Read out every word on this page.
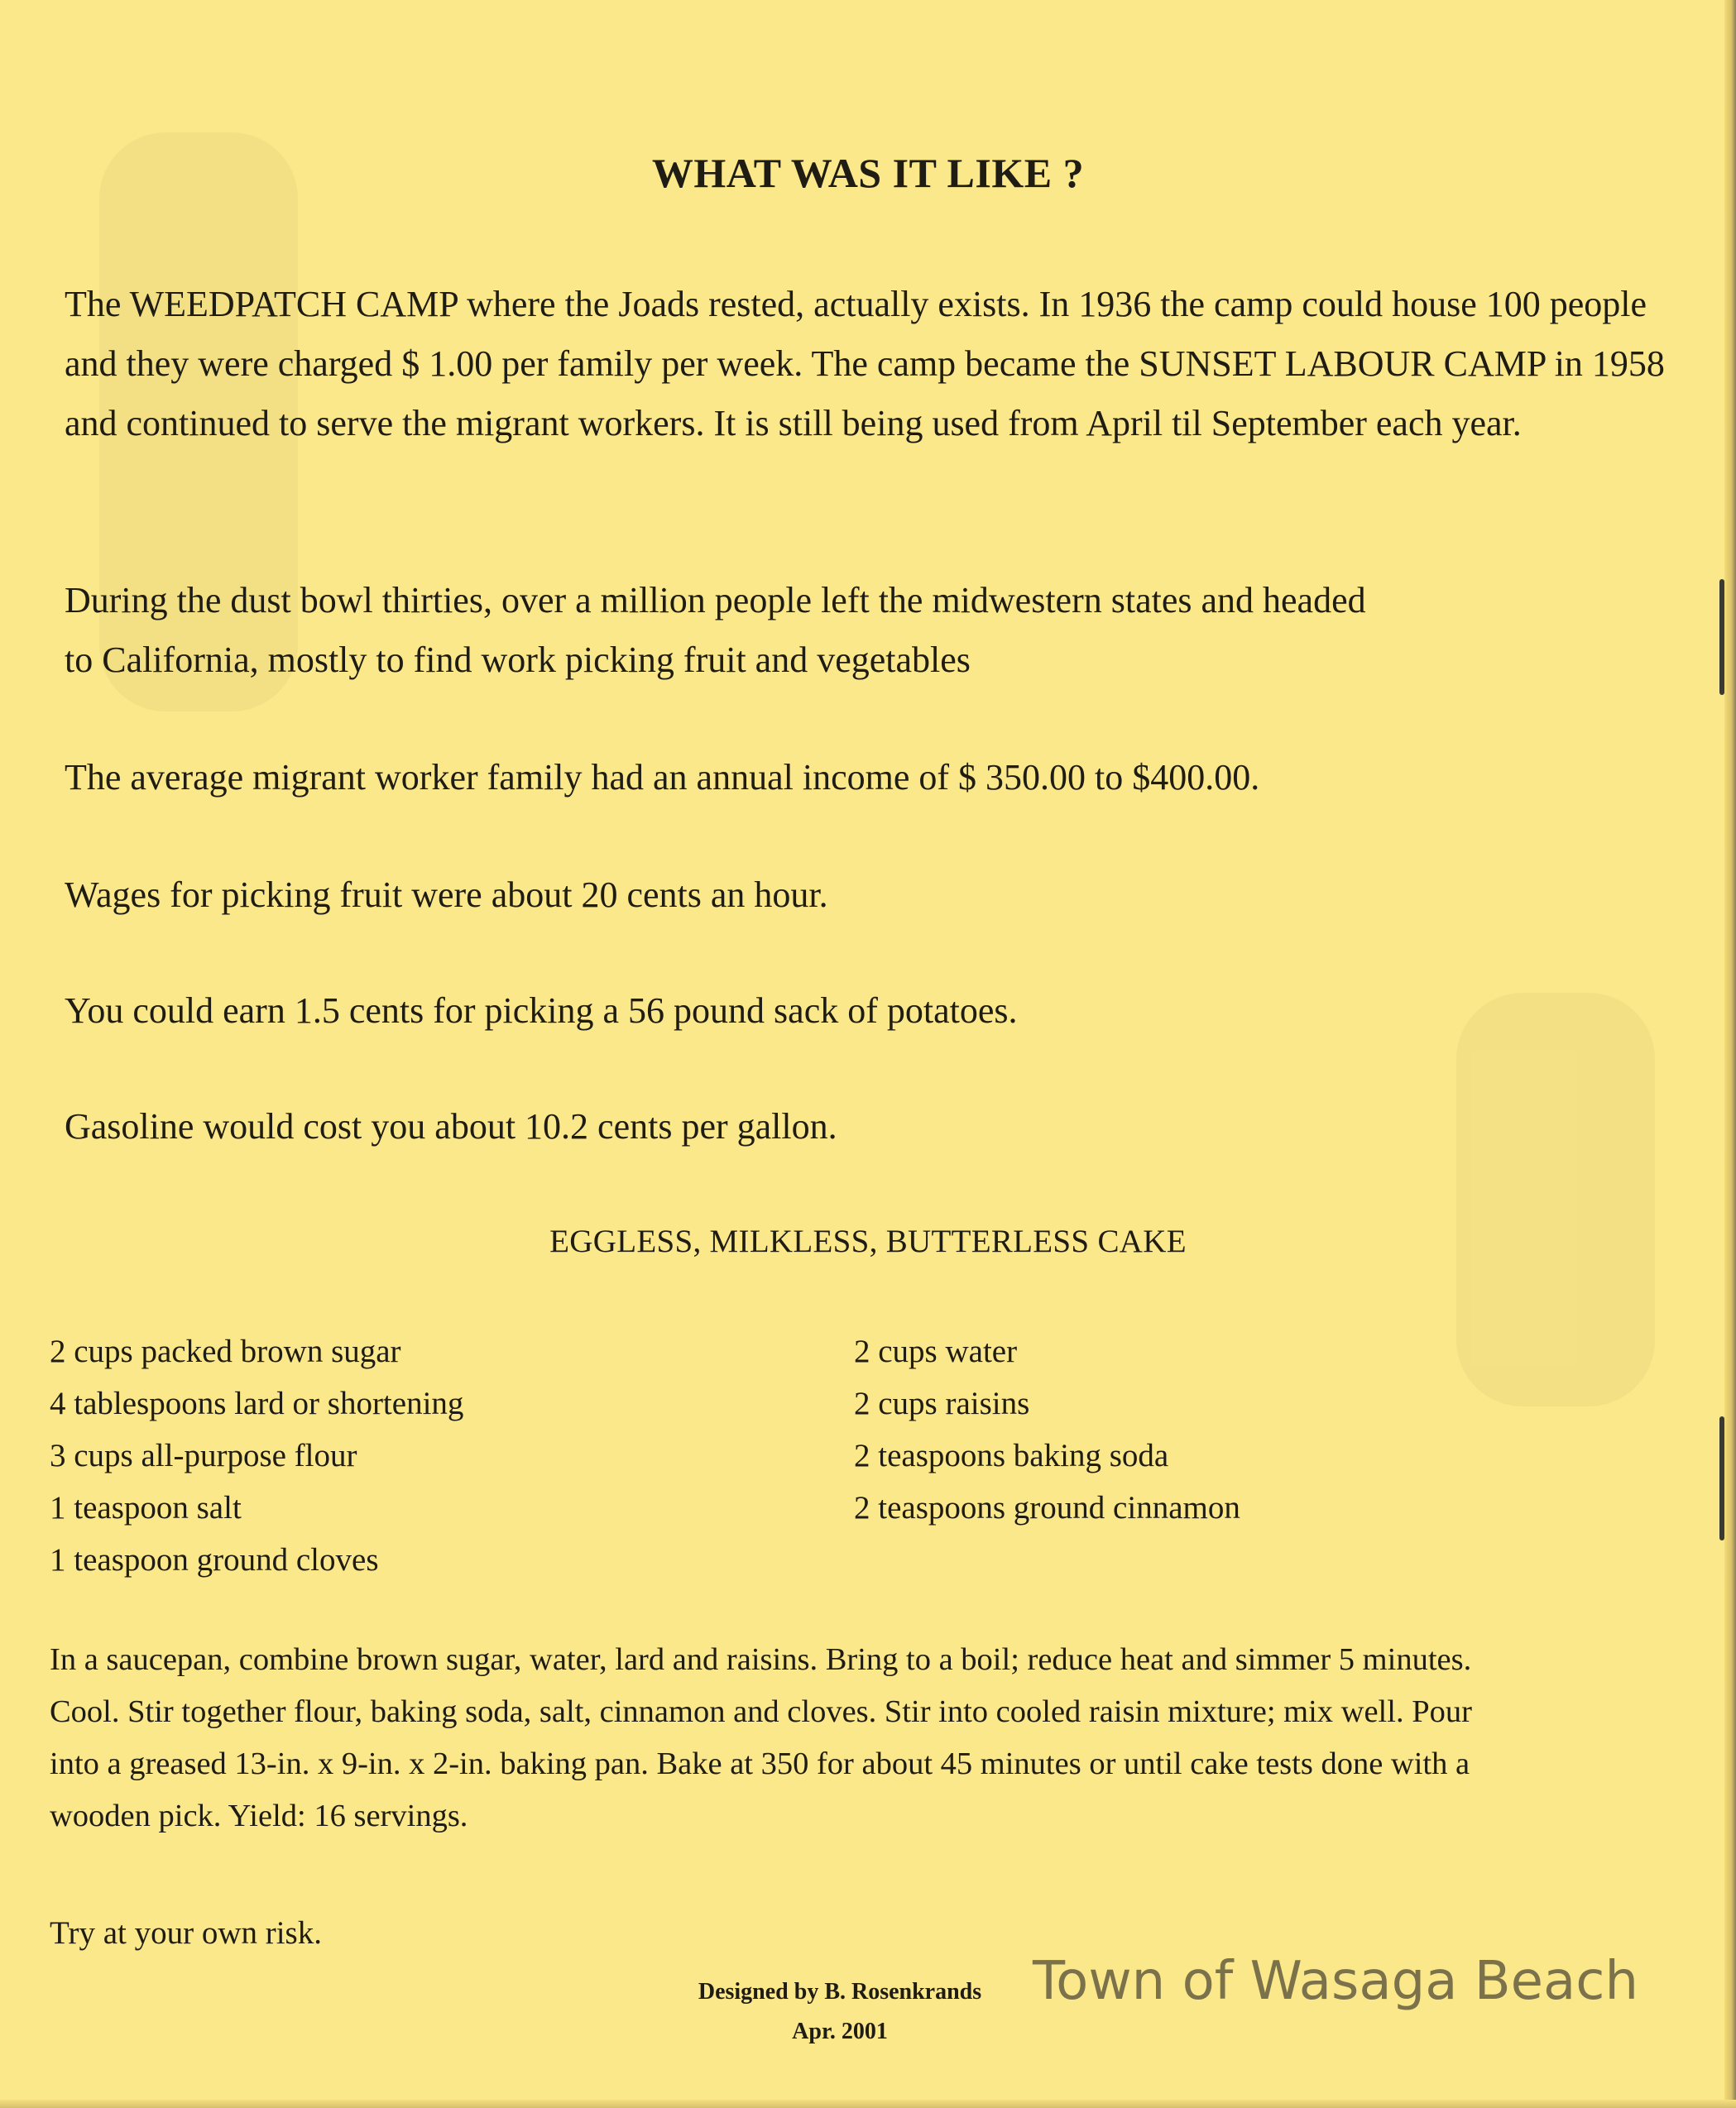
WHAT WAS IT LIKE ?

The WEEDPATCH CAMP where the Joads rested, actually exists. In 1936 the camp could house 100 people and they were charged $ 1.00 per family per week. The camp became the SUNSET LABOUR CAMP in 1958 and continued to serve the migrant workers. It is still being used from April til September each year.

During the dust bowl thirties, over a million people left the midwestern states and headed
to California, mostly to find work picking fruit and vegetables
The average migrant worker family had an annual income of $ 350.00 to $400.00.
Wages for picking fruit were about 20 cents an hour.
You could earn 1.5 cents for picking a 56 pound sack of potatoes.
Gasoline would cost you about 10.2 cents per gallon.
EGGLESS, MILKLESS, BUTTERLESS CAKE
2 cups packed brown sugar
4 tablespoons lard or shortening
3 cups all-purpose flour
1 teaspoon salt
1 teaspoon ground cloves
2 cups water
2 cups raisins
2 teaspoons baking soda
2 teaspoons ground cinnamon
In a saucepan, combine brown sugar, water, lard and raisins. Bring to a boil; reduce heat and simmer 5 minutes. Cool. Stir together flour, baking soda, salt, cinnamon and cloves. Stir into cooled raisin mixture; mix well. Pour into a greased 13-in. x 9-in. x 2-in. baking pan. Bake at 350 for about 45 minutes or until cake tests done with a wooden pick. Yield: 16 servings.
Try at your own risk.
Designed by B. Rosenkrands
Apr. 2001
Town of Wasaga Beach
